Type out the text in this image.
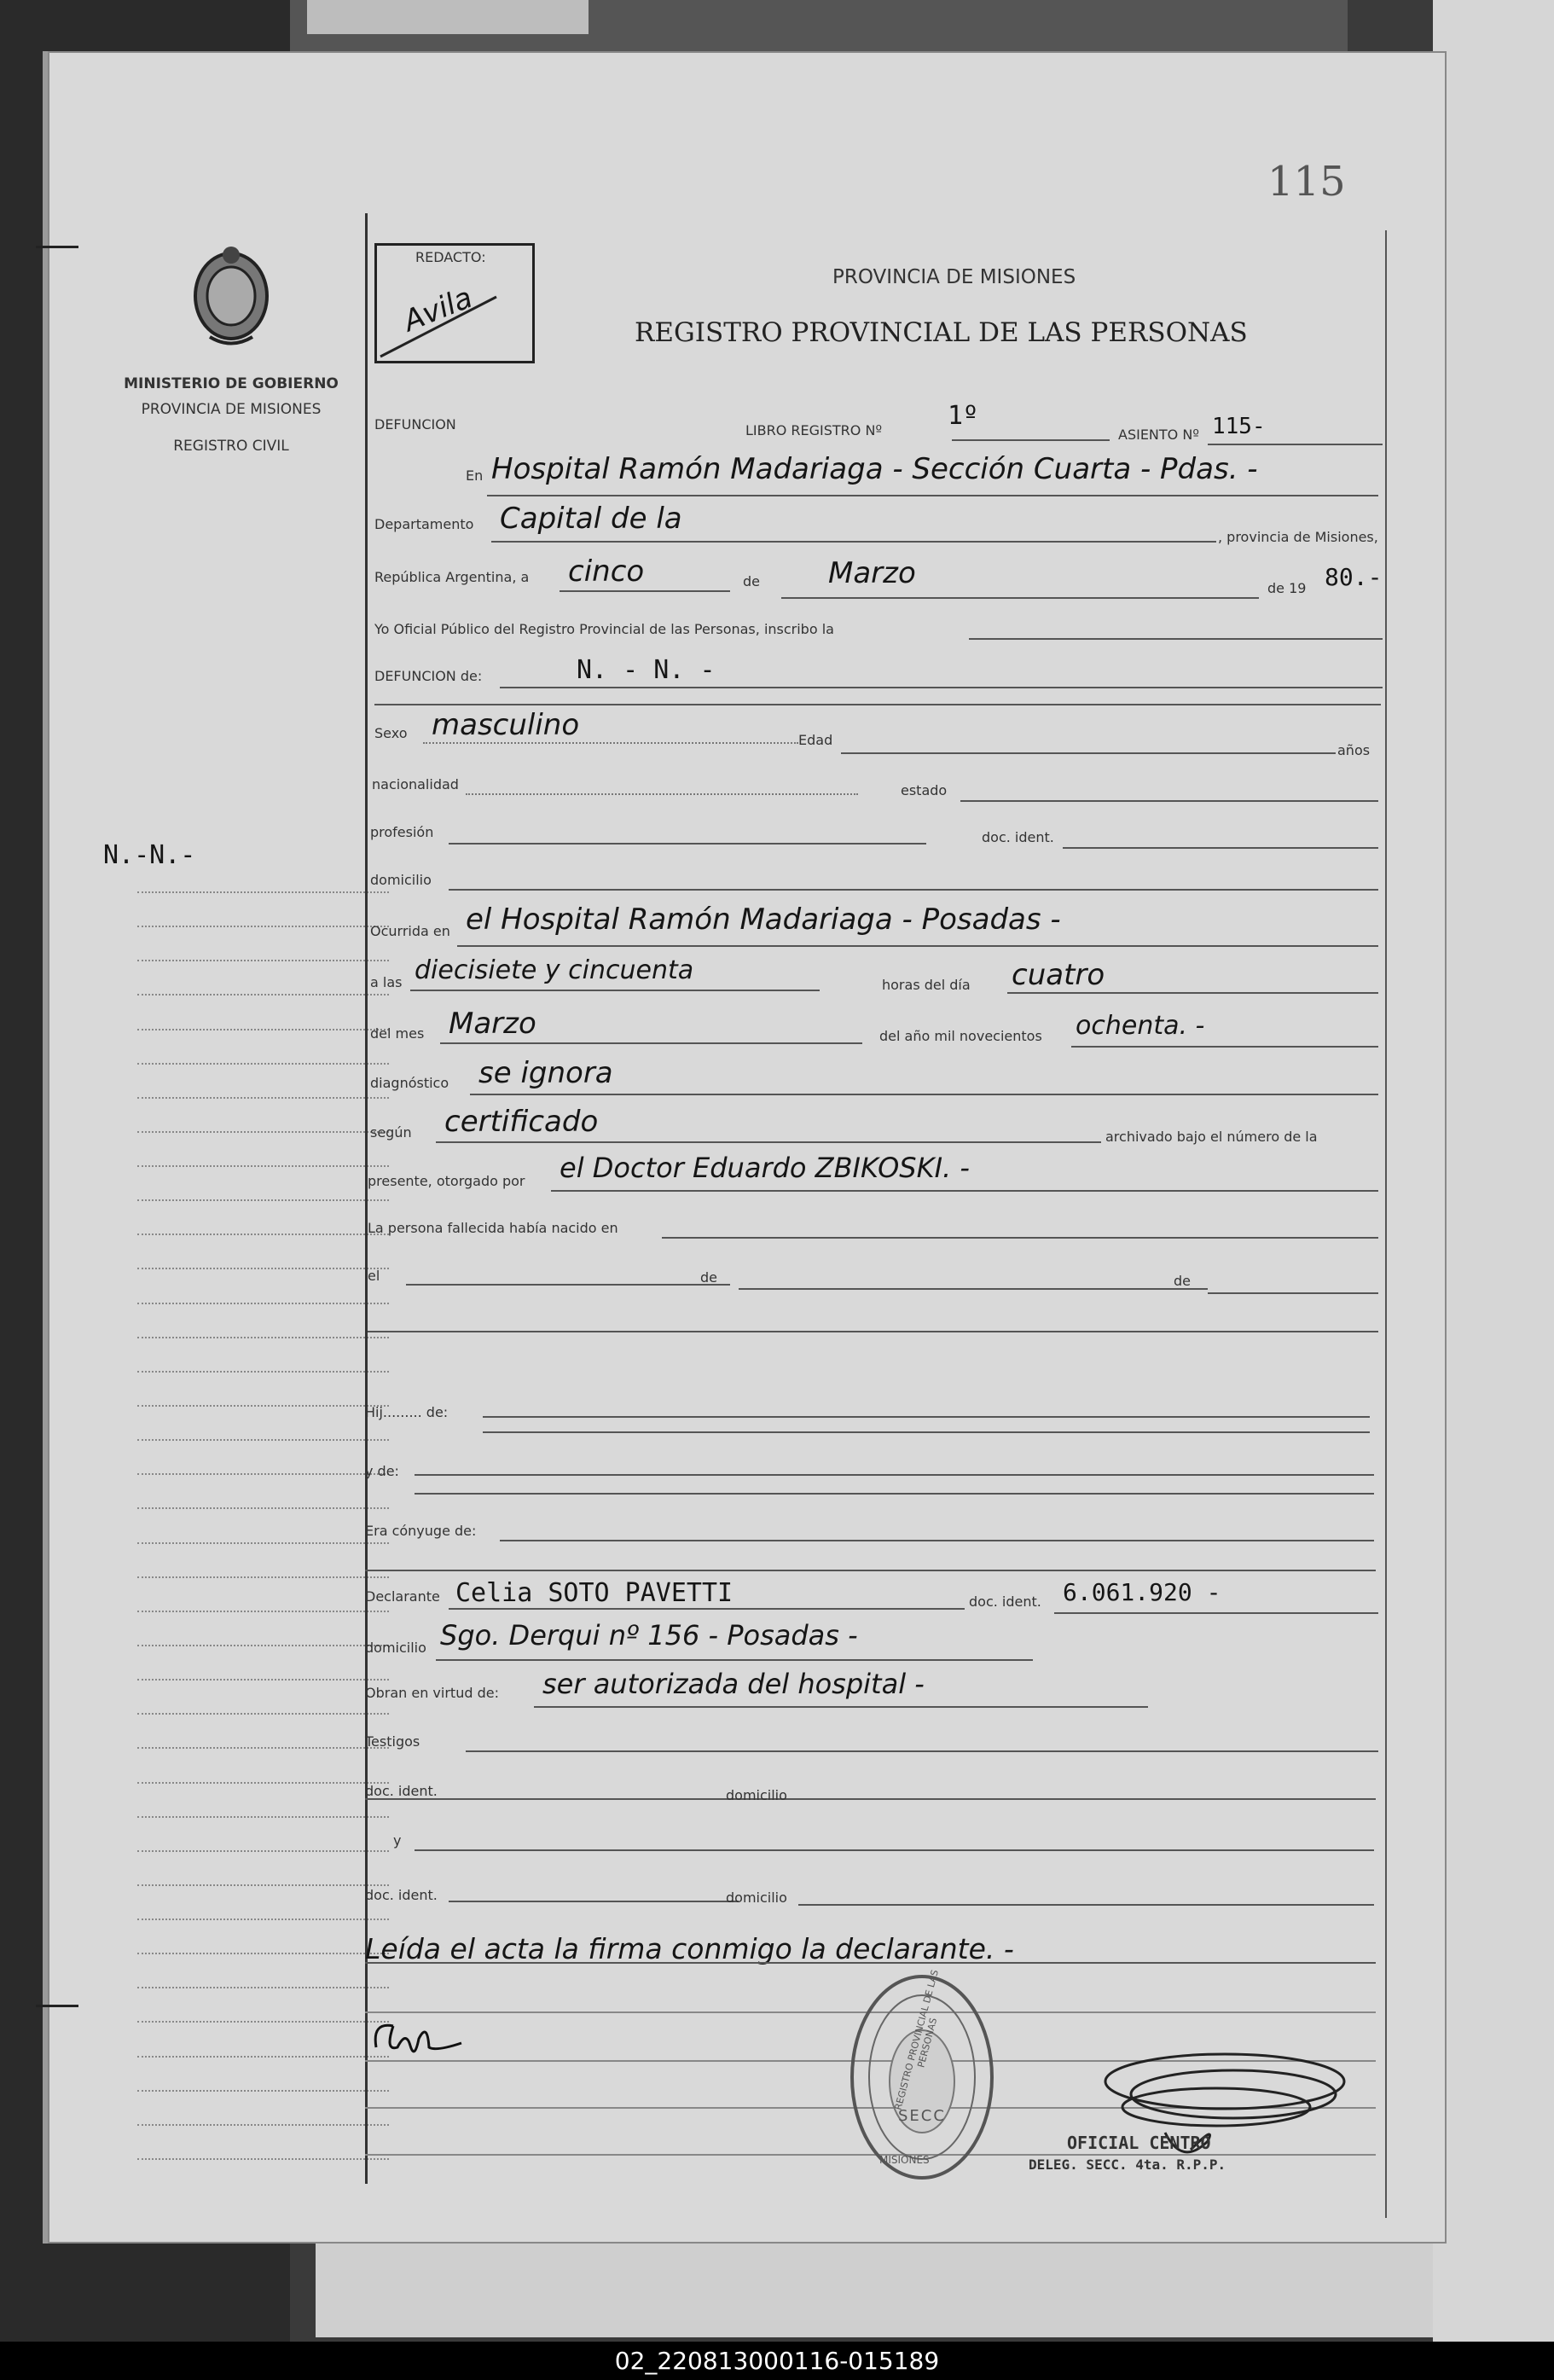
115
MINISTERIO DE GOBIERNO
PROVINCIA DE MISIONES
REGISTRO CIVIL
N.-N.-
REDACTO:
Avila
PROVINCIA DE MISIONES
REGISTRO PROVINCIAL DE LAS PERSONAS
DEFUNCION	LIBRO REGISTRO Nº	1º
ASIENTO Nº 115-
En Hospital Ramón Madariaga - Sección Cuarta - Pdas. -
Departamento Capital de la
, provincia de Misiones,
República Argentina, a cinco	de Marzo	de 19 80.-
Yo Oficial Público del Registro Provincial de las Personas, inscribo la
DEFUNCION de:	N. - N. -
Sexo masculino	Edad
años
nacionalidad	estado
profesión	doc. ident.
domicilio
Ocurrida en el Hospital Ramón Madariaga - Posadas -
a las diecisiete y cincuenta	horas del día cuatro
del mes Marzo	del año mil novecientos ochenta. -
diagnóstico se ignora
según certificado	archivado bajo el número de la
presente, otorgado por el Doctor Eduardo ZBIKOSKI. -
La persona fallecida había nacido en
el	de	de
Hij......... de:
y de:
Era cónyuge de:
Declarante Celia SOTO PAVETTI	doc. ident. 6.061.920 -
domicilio Sgo. Derqui nº 156 - Posadas -
Obran en virtud de: ser autorizada del hospital -
Testigos
doc. ident.	domicilio
y
doc. ident.	domicilio
Leída el acta la firma conmigo la declarante. -
SECC
REGISTRO PROVINCIAL DE LAS PERSONAS
MISIONES
OFICIAL CENTRO
DELEG. SECC. 4ta. R.P.P.
02_220813000116-015189
